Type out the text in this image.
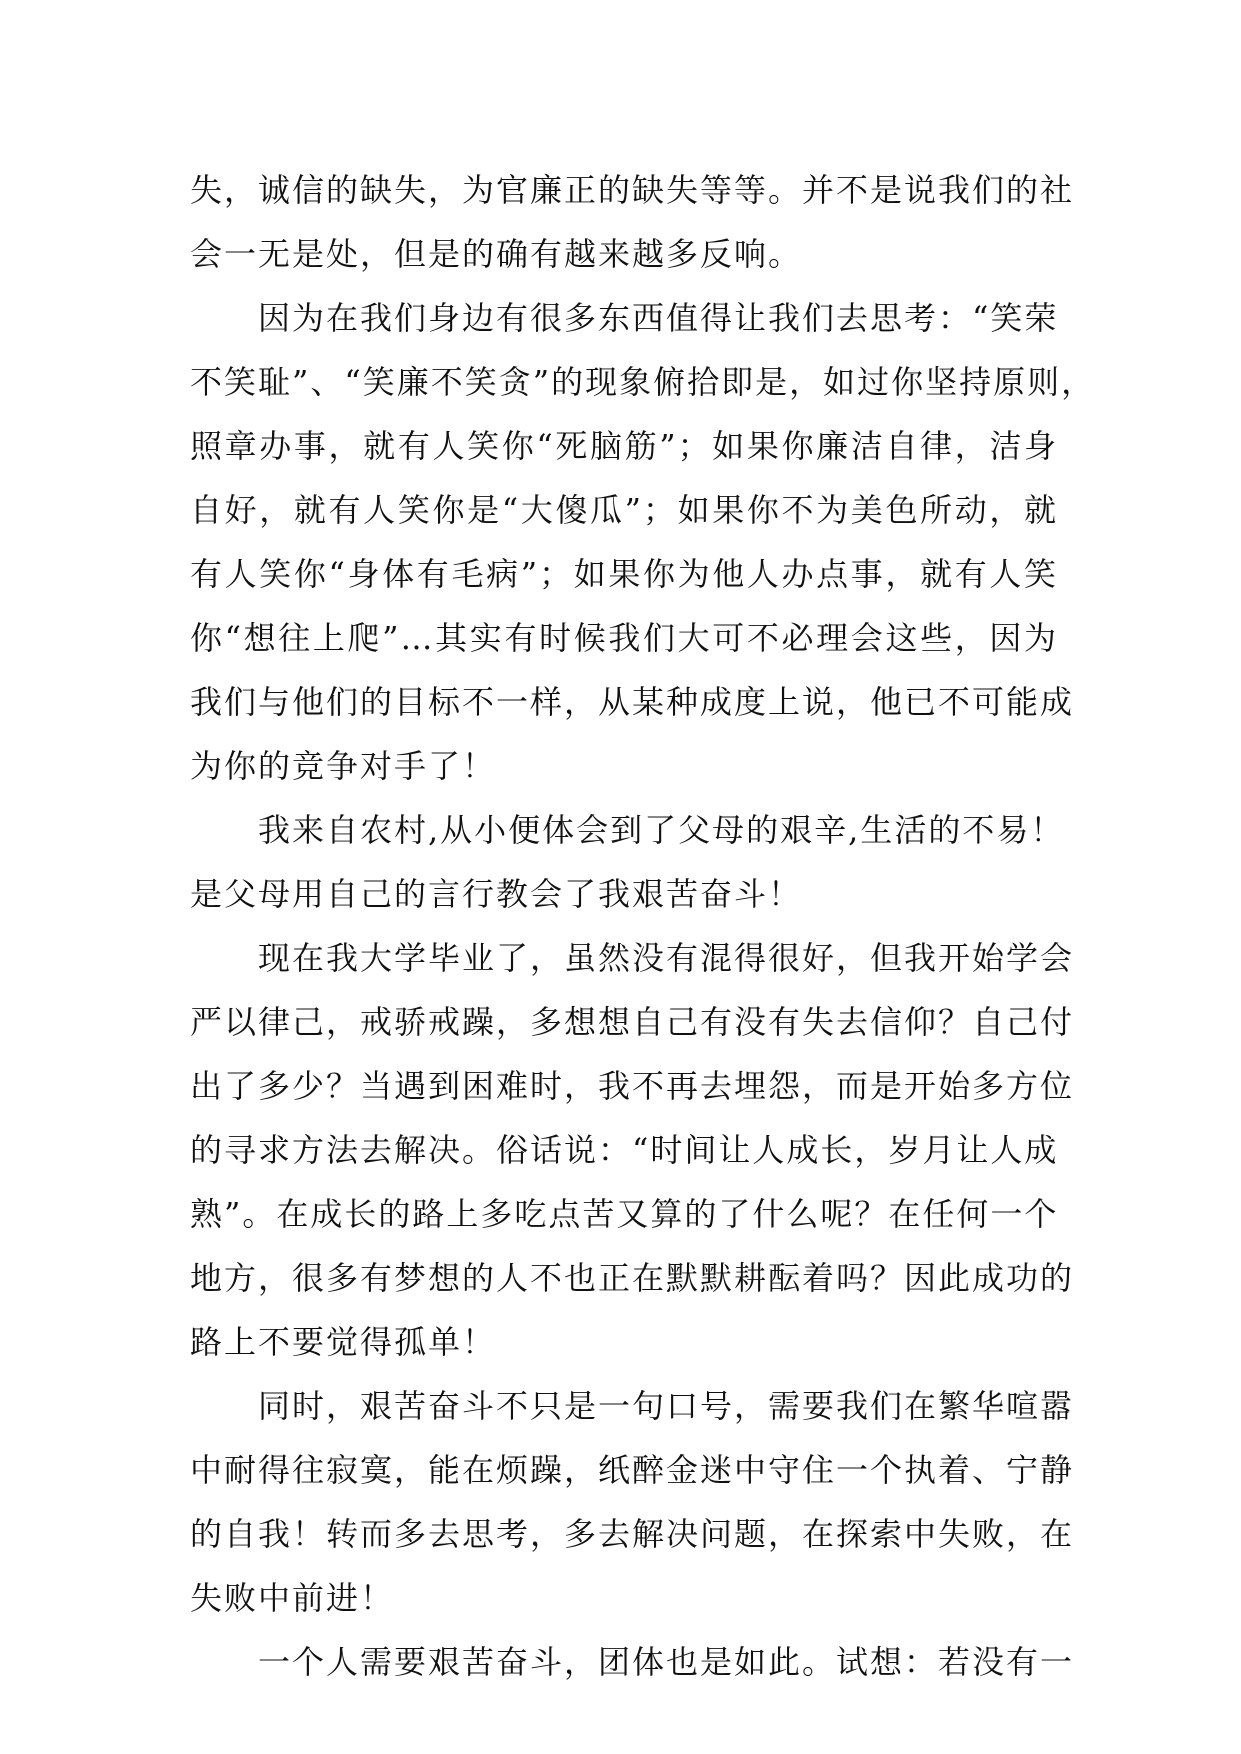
失，诚信的缺失，为官廉正的缺失等等。并不是说我们的社
会一无是处，但是的确有越来越多反响。
因为在我们身边有很多东西值得让我们去思考：“笑荣
不笑耻”、“笑廉不笑贪”的现象俯拾即是，如过你坚持原则，
照章办事，就有人笑你“死脑筋”；如果你廉洁自律，洁身
自好，就有人笑你是“大傻瓜”；如果你不为美色所动，就
有人笑你“身体有毛病”；如果你为他人办点事，就有人笑
你“想往上爬”…其实有时候我们大可不必理会这些，因为
我们与他们的目标不一样，从某种成度上说，他已不可能成
为你的竞争对手了！
我来自农村,从小便体会到了父母的艰辛,生活的不易！
是父母用自己的言行教会了我艰苦奋斗！
现在我大学毕业了，虽然没有混得很好，但我开始学会
严以律己，戒骄戒躁，多想想自己有没有失去信仰？自己付
出了多少？当遇到困难时，我不再去埋怨，而是开始多方位
的寻求方法去解决。俗话说：“时间让人成长，岁月让人成
熟”。在成长的路上多吃点苦又算的了什么呢？在任何一个
地方，很多有梦想的人不也正在默默耕酝着吗？因此成功的
路上不要觉得孤单！
同时，艰苦奋斗不只是一句口号，需要我们在繁华喧嚣
中耐得往寂寞，能在烦躁，纸醉金迷中守住一个执着、宁静
的自我！转而多去思考，多去解决问题，在探索中失败，在
失败中前进！
一个人需要艰苦奋斗，团体也是如此。试想：若没有一
